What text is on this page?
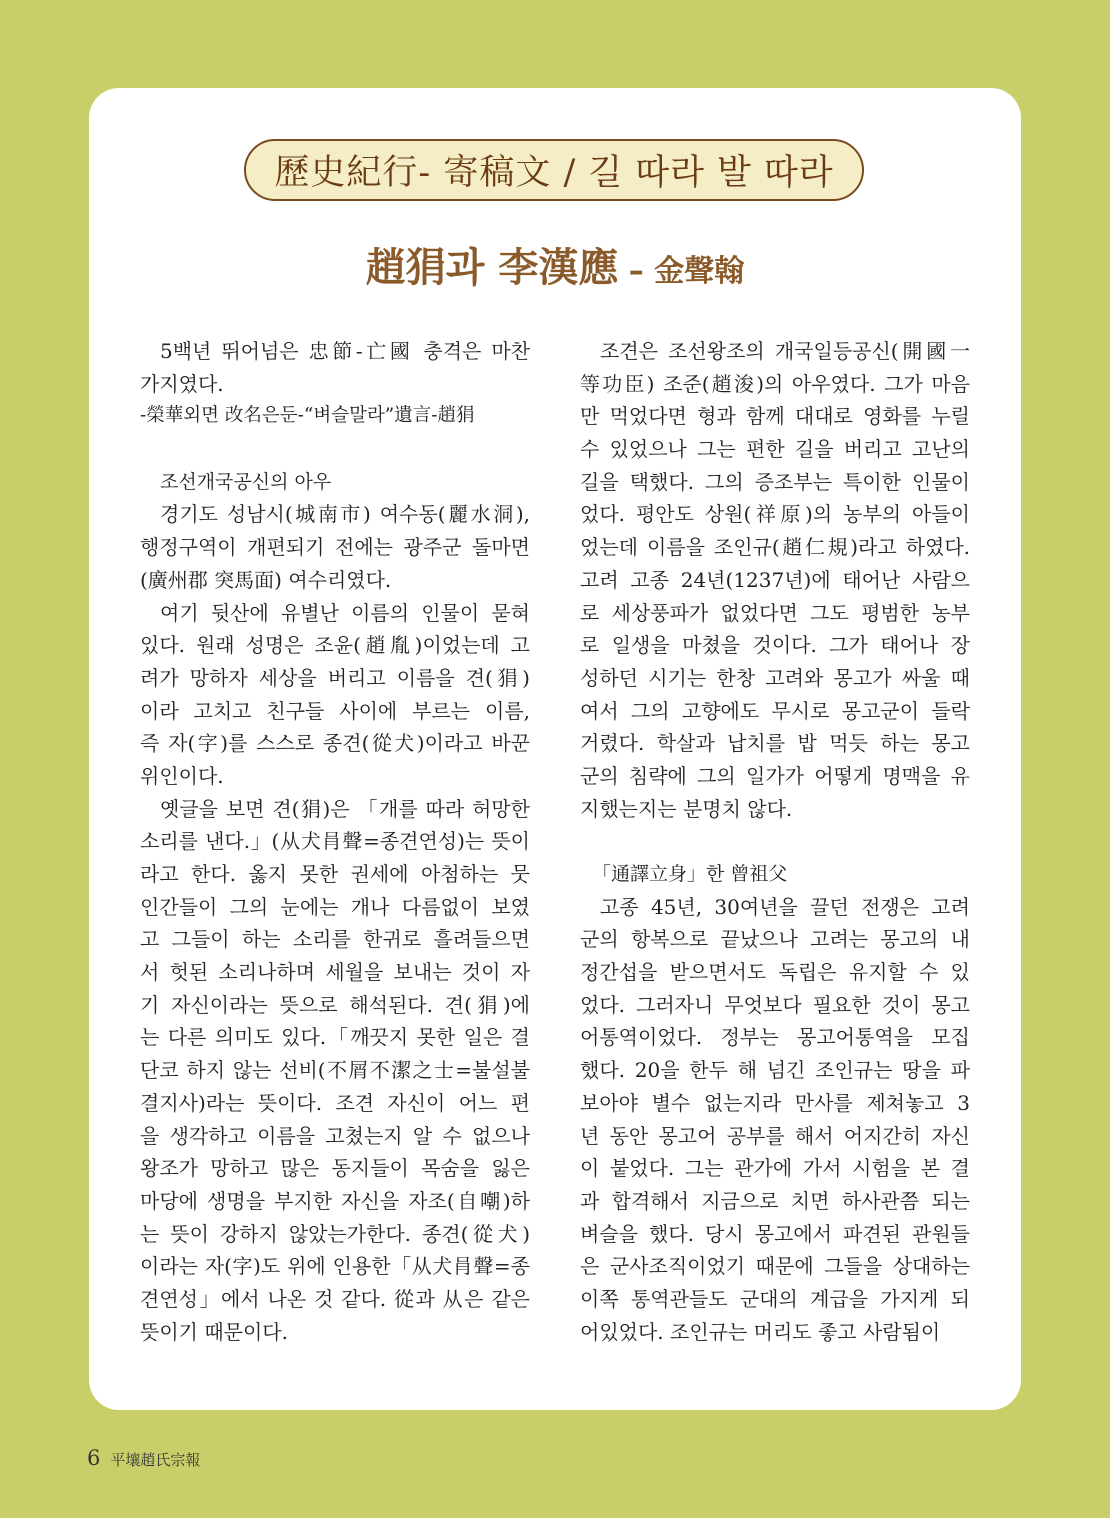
歷史紀行- 寄稿文 / 길 따라 발 따라
趙狷과 李漢應 – 金聲翰
5백년 뛰어넘은 忠節-亡國 충격은 마찬
가지였다.
-榮華외면 改名은둔-“벼슬말라”遺言-趙狷
조선개국공신의 아우
경기도 성남시(城南市) 여수동(麗水洞),
행정구역이 개편되기 전에는 광주군 돌마면
(廣州郡 突馬面) 여수리였다.
여기 뒷산에 유별난 이름의 인물이 묻혀
있다. 원래 성명은 조윤(趙胤)이었는데 고
려가 망하자 세상을 버리고 이름을 견(狷)
이라 고치고 친구들 사이에 부르는 이름,
즉 자(字)를 스스로 종견(從犬)이라고 바꾼
위인이다.
옛글을 보면 견(狷)은 「개를 따라 허망한
소리를 낸다.」(从犬肙聲=종견연성)는 뜻이
라고 한다. 옳지 못한 권세에 아첨하는 뭇
인간들이 그의 눈에는 개나 다름없이 보였
고 그들이 하는 소리를 한귀로 흘려들으면
서 헛된 소리나하며 세월을 보내는 것이 자
기 자신이라는 뜻으로 해석된다. 견(狷)에
는 다른 의미도 있다.「깨끗지 못한 일은 결
단코 하지 않는 선비(不屑不潔之士=불설불
결지사)라는 뜻이다. 조견 자신이 어느 편
을 생각하고 이름을 고쳤는지 알 수 없으나
왕조가 망하고 많은 동지들이 목숨을 잃은
마당에 생명을 부지한 자신을 자조(自嘲)하
는 뜻이 강하지 않았는가한다. 종견(從犬)
이라는 자(字)도 위에 인용한「从犬肙聲=종
견연성」에서 나온 것 같다. 從과 从은 같은
뜻이기 때문이다.
조견은 조선왕조의 개국일등공신(開國一
等功臣) 조준(趙浚)의 아우였다. 그가 마음
만 먹었다면 형과 함께 대대로 영화를 누릴
수 있었으나 그는 편한 길을 버리고 고난의
길을 택했다. 그의 증조부는 특이한 인물이
었다. 평안도 상원(祥原)의 농부의 아들이
었는데 이름을 조인규(趙仁規)라고 하였다.
고려 고종 24년(1237년)에 태어난 사람으
로 세상풍파가 없었다면 그도 평범한 농부
로 일생을 마쳤을 것이다. 그가 태어나 장
성하던 시기는 한창 고려와 몽고가 싸울 때
여서 그의 고향에도 무시로 몽고군이 들락
거렸다. 학살과 납치를 밥 먹듯 하는 몽고
군의 침략에 그의 일가가 어떻게 명맥을 유
지했는지는 분명치 않다.
「通譯立身」한 曾祖父
고종 45년, 30여년을 끌던 전쟁은 고려
군의 항복으로 끝났으나 고려는 몽고의 내
정간섭을 받으면서도 독립은 유지할 수 있
었다. 그러자니 무엇보다 필요한 것이 몽고
어통역이었다. 정부는 몽고어통역을 모집
했다. 20을 한두 해 넘긴 조인규는 땅을 파
보아야 별수 없는지라 만사를 제쳐놓고 3
년 동안 몽고어 공부를 해서 어지간히 자신
이 붙었다. 그는 관가에 가서 시험을 본 결
과 합격해서 지금으로 치면 하사관쯤 되는
벼슬을 했다. 당시 몽고에서 파견된 관원들
은 군사조직이었기 때문에 그들을 상대하는
이쪽 통역관들도 군대의 계급을 가지게 되
어있었다. 조인규는 머리도 좋고 사람됨이
6 平壤趙氏宗報
